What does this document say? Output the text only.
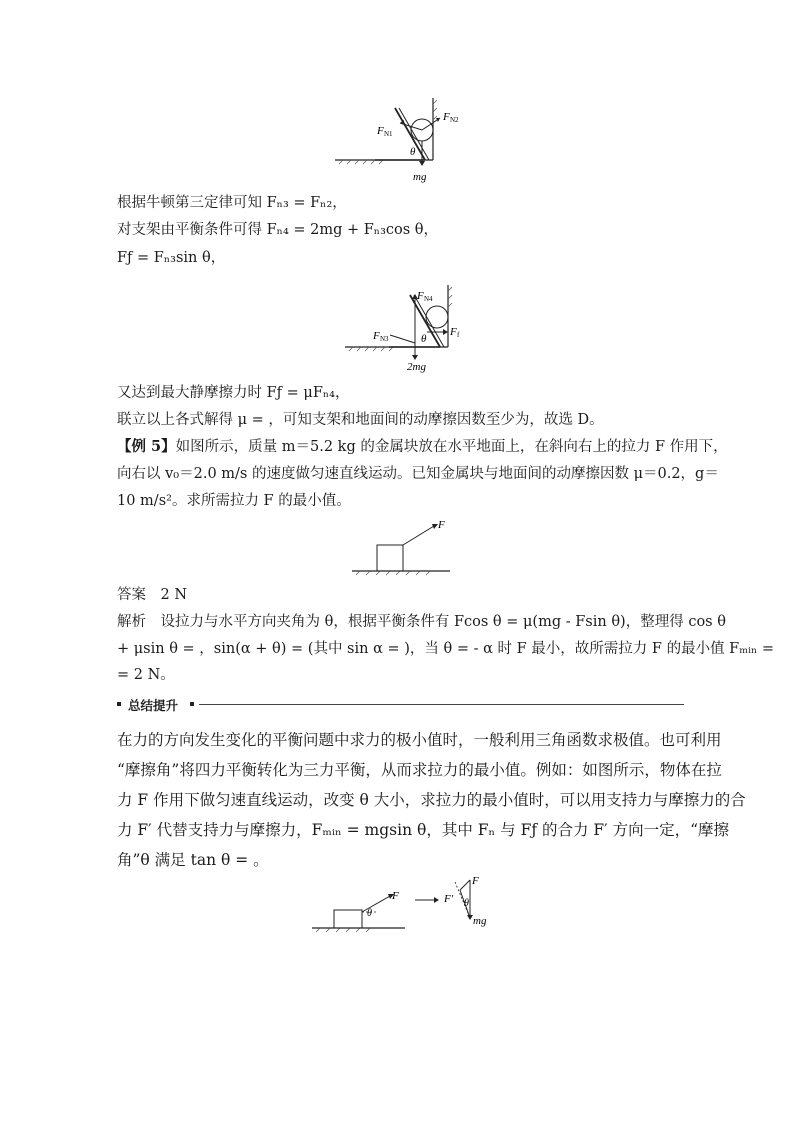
F N1
F N2
θ
mg
根据牛顿第三定律可知 Fₙ₃ = Fₙ₂，
对支架由平衡条件可得 Fₙ₄ = 2mg + Fₙ₃cos θ，
Fƒ = Fₙ₃sin θ，
F N4
F N3
F f
θ
2mg
又达到最大静摩擦力时 Fƒ = μFₙ₄，
联立以上各式解得 μ = ，可知支架和地面间的动摩擦因数至少为，故选 D。
【例 5】如图所示，质量 m＝5.2 kg 的金属块放在水平地面上，在斜向右上的拉力 F 作用下，
向右以 v₀＝2.0 m/s 的速度做匀速直线运动。已知金属块与地面间的动摩擦因数 μ＝0.2，g＝
10 m/s²。求所需拉力 F 的最小值。
F
答案　2 N
解析　设拉力与水平方向夹角为 θ，根据平衡条件有 Fcos θ = μ(mg - Fsin θ)，整理得 cos θ
+ μsin θ = ，sin(α + θ) = (其中 sin α = )，当 θ = - α 时 F 最小，故所需拉力 F 的最小值 Fₘᵢₙ =
= 2 N。
总结提升
在力的方向发生变化的平衡问题中求力的极小值时，一般利用三角函数求极值。也可利用
“摩擦角”将四力平衡转化为三力平衡，从而求拉力的最小值。例如：如图所示，物体在拉
力 F 作用下做匀速直线运动，改变 θ 大小，求拉力的最小值时，可以用支持力与摩擦力的合
力 F′ 代替支持力与摩擦力，Fₘᵢₙ = mgsin θ，其中 Fₙ 与 Fƒ 的合力 F′ 方向一定，“摩擦
角”θ 满足 tan θ = 。
F
θ
F
F′ θ
mg
